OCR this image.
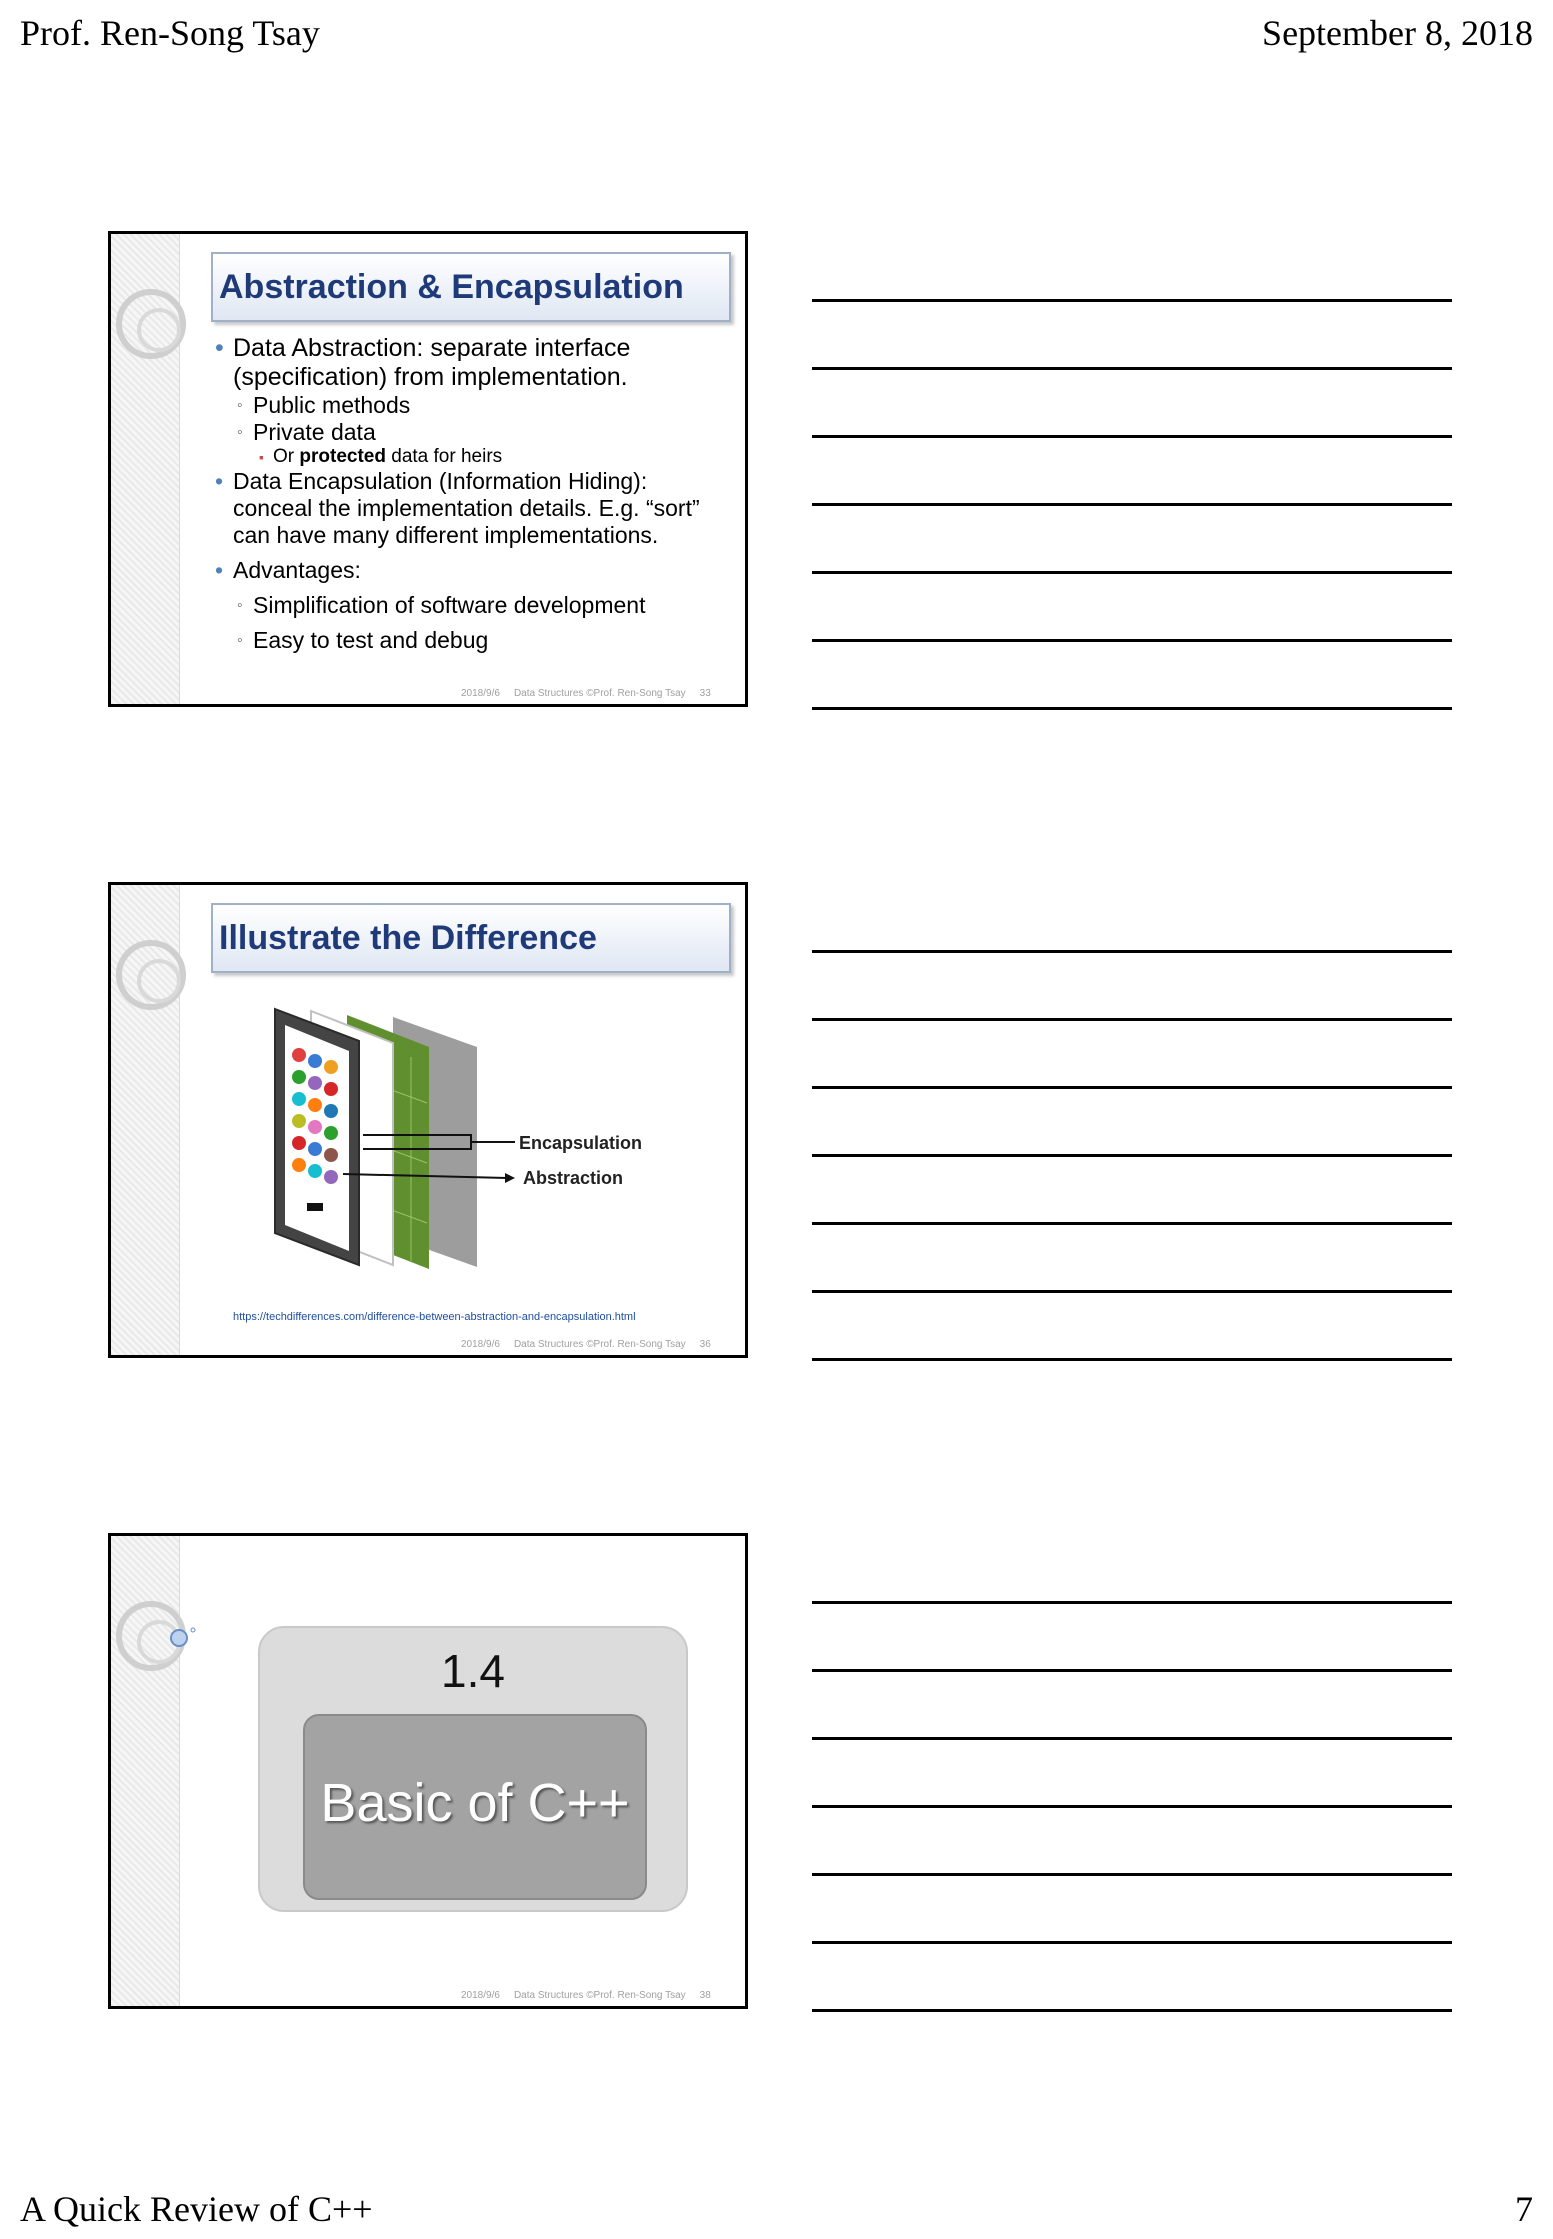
Prof. Ren-Song Tsay	September 8, 2018
Abstraction & Encapsulation
• Data Abstraction: separate interface (specification) from implementation.
◦ Public methods
◦ Private data
▪ Or protected data for heirs
• Data Encapsulation (Information Hiding): conceal the implementation details. E.g. “sort” can have many different implementations.
• Advantages:
◦ Simplification of software development
◦ Easy to test and debug
2018/9/6 Data Structures ©Prof. Ren-Song Tsay 33
Illustrate the Difference
Encapsulation
Abstraction
https://techdifferences.com/difference-between-abstraction-and-encapsulation.html
2018/9/6 Data Structures ©Prof. Ren-Song Tsay 36
1.4
Basic of C++
2018/9/6 Data Structures ©Prof. Ren-Song Tsay 38
A Quick Review of C++	7
